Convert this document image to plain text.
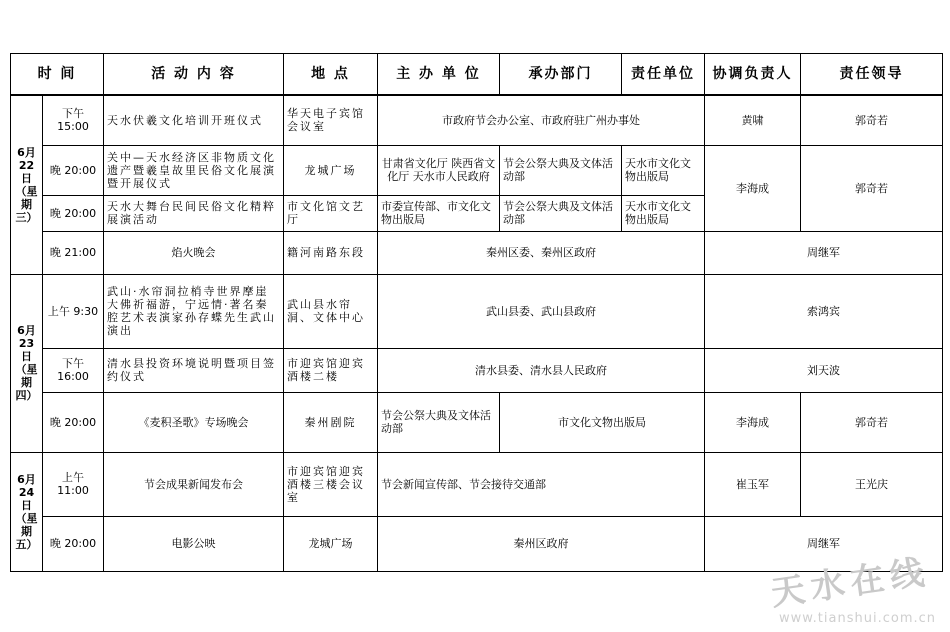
时 间		活 动 内 容	地 点	主 办 单 位	承办部门	责任单位	协调负责人	责任领导
6月22日（星期三）	下午 15:00	天水伏羲文化培训开班仪式	华天电子宾馆会议室	市政府节会办公室、市政府驻广州办事处			黄啸	郭奇若
	晚 20:00	关中—天水经济区非物质文化遗产暨羲皇故里民俗文化展演暨开展仪式	龙城广场	甘肃省文化厅 陕西省文化厅 天水市人民政府	节会公祭大典及文体活动部	天水市文化文物出版局	李海成	郭奇若
	晚 20:00	天水大舞台民间民俗文化精粹展演活动	市文化馆文艺厅	市委宣传部、市文化文物出版局	节会公祭大典及文体活动部	天水市文化文物出版局		
	晚 21:00	焰火晚会	籍河南路东段	秦州区委、秦州区政府			周继军	
6月23日（星期四）	上午 9:30	武山·水帘洞拉梢寺世界摩崖大佛祈福游，宁远情·著名秦腔艺术表演家孙存蝶先生武山演出	武山县水帘洞、文体中心	武山县委、武山县政府			索鸿宾	
	下午 16:00	清水县投资环境说明暨项目签约仪式	市迎宾馆迎宾酒楼二楼	清水县委、清水县人民政府			刘天波	
	晚 20:00	《麦积圣歌》专场晚会	秦州剧院	节会公祭大典及文体活动部	市文化文物出版局		李海成	郭奇若
6月24日（星期五）	上午 11:00	节会成果新闻发布会	市迎宾馆迎宾酒楼三楼会议室	节会新闻宣传部、节会接待交通部			崔玉军	王光庆
	晚 20:00	电影公映	龙城广场	秦州区政府			周继军	
天水在线
www.tianshui.com.cn
